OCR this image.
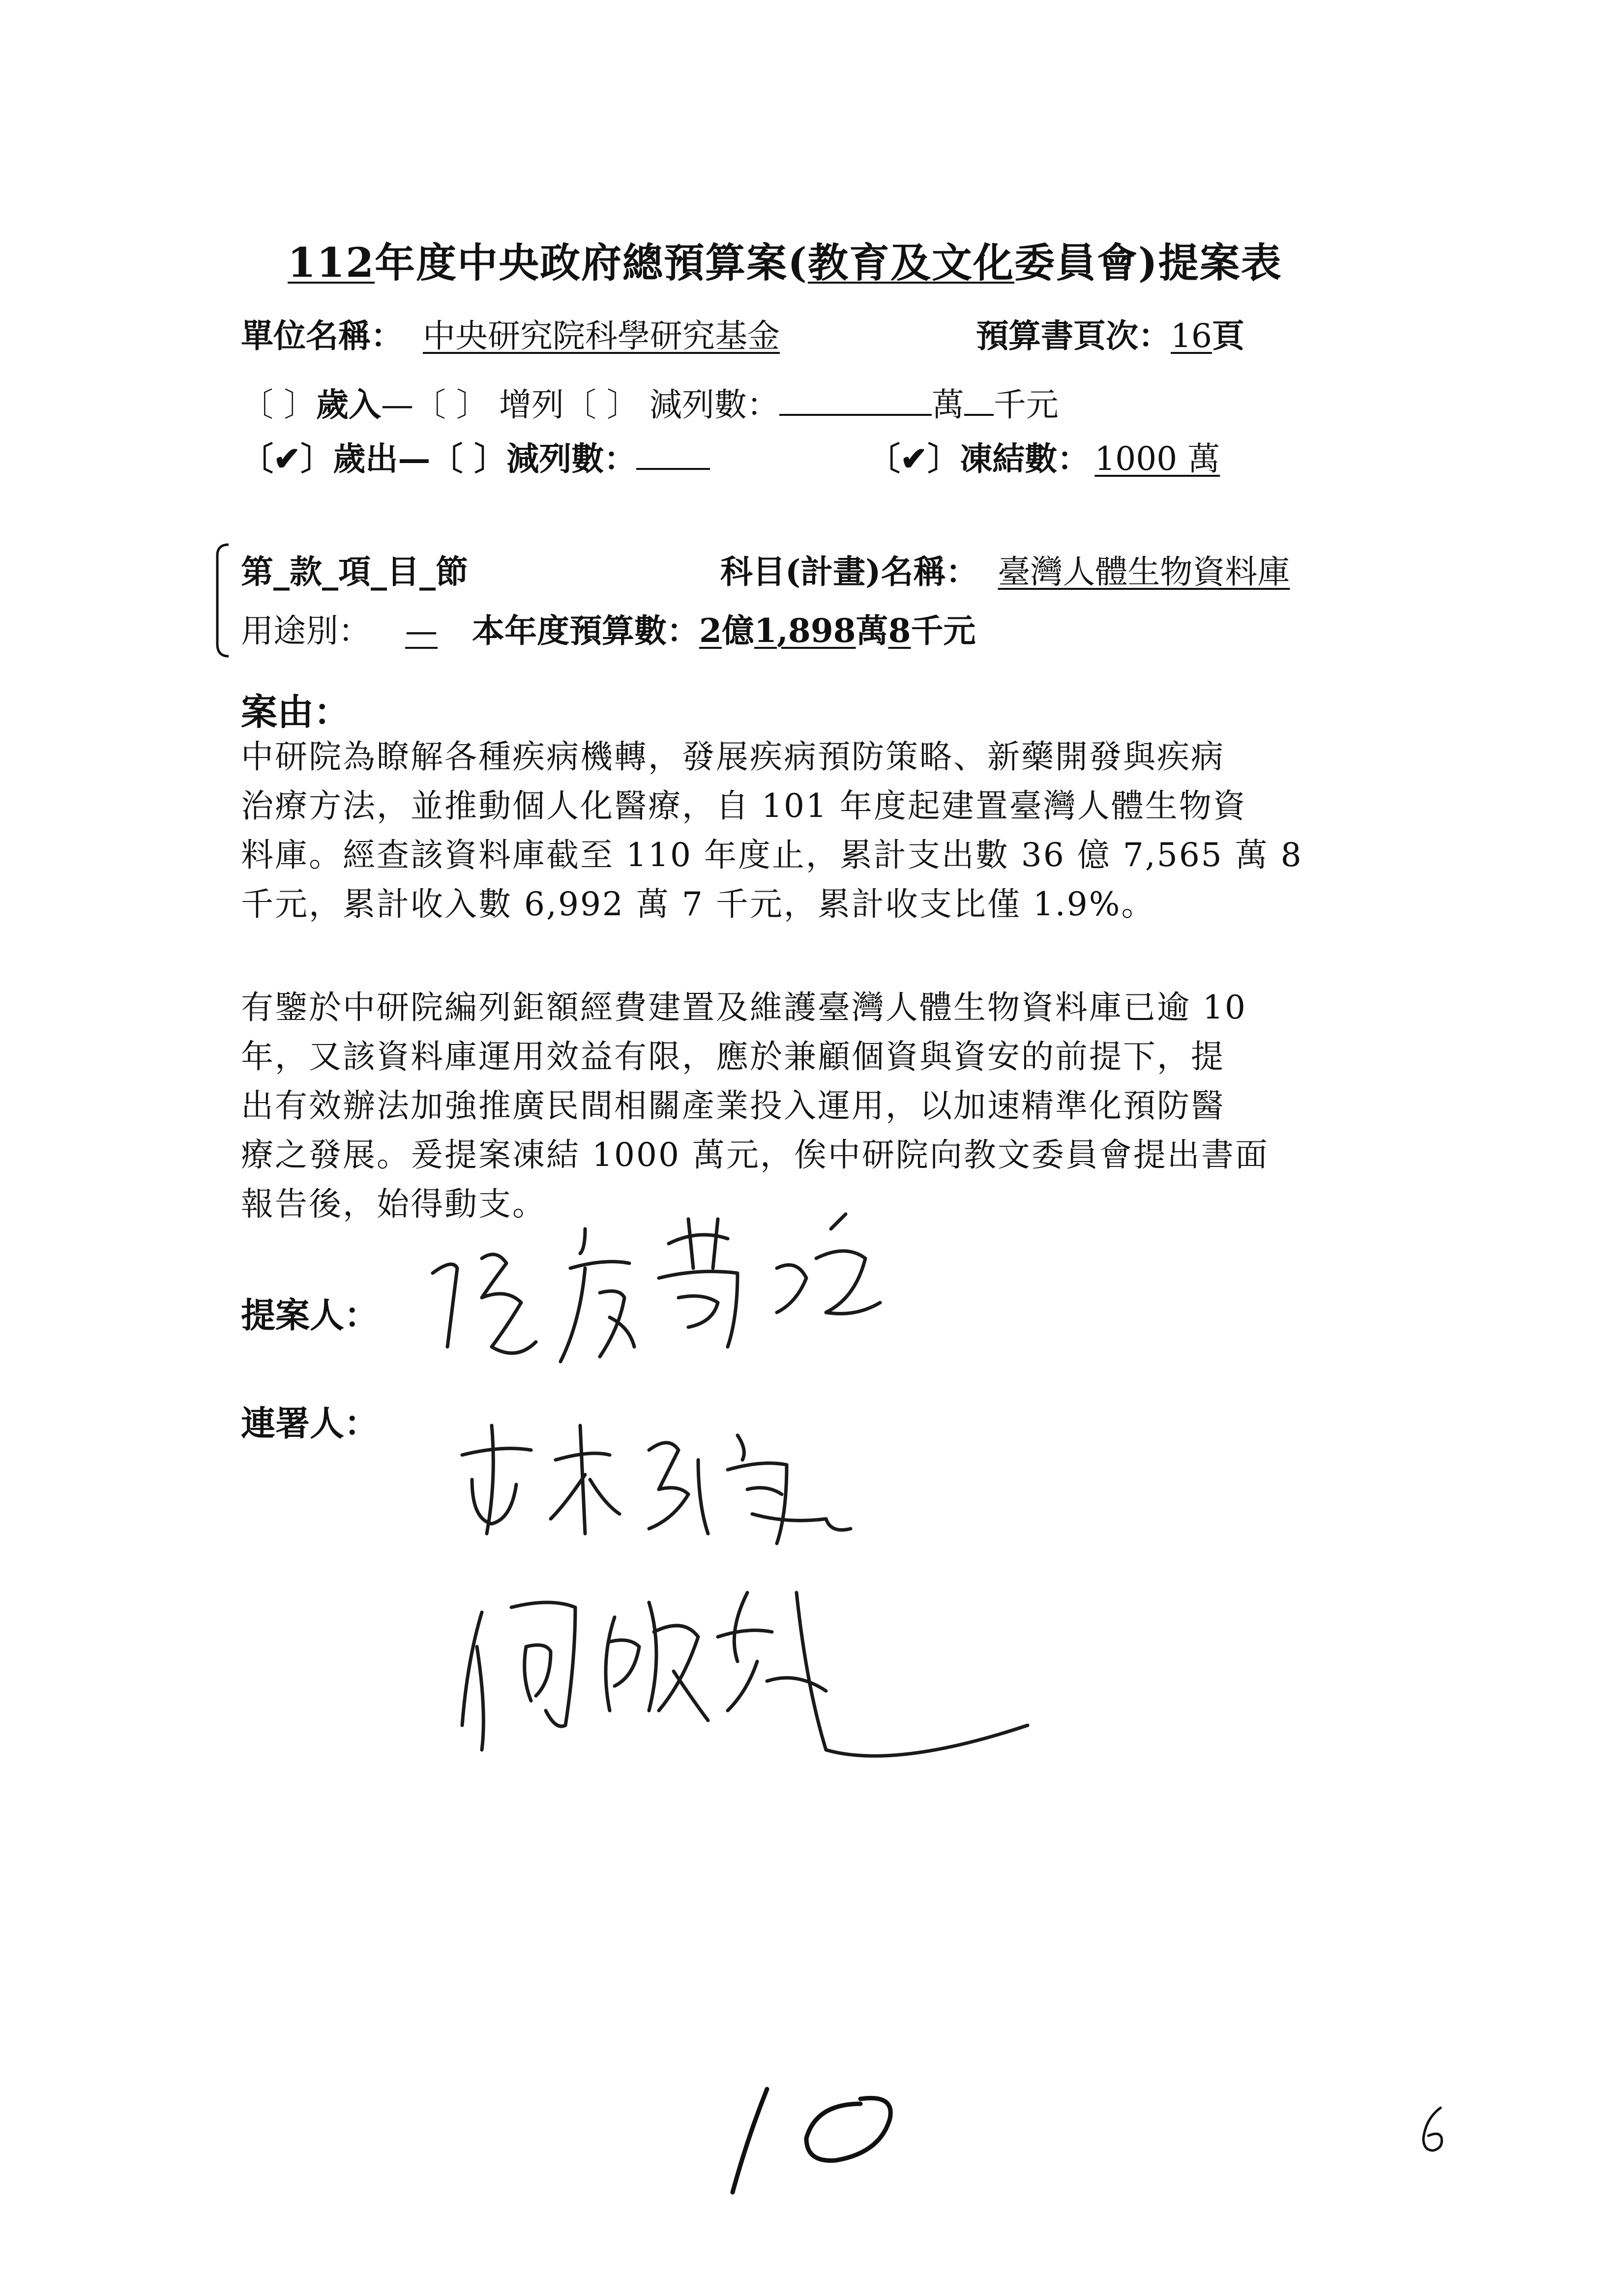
112年度中央政府總預算案(教育及文化委員會)提案表
單位名稱： 中央研究院科學研究基金	預算書頁次：16頁
〔 〕歲入—〔 〕 增列〔 〕 減列數：	萬 千元
〔✔〕歲出—〔 〕減列數：	〔✔〕凍結數： 1000 萬
第_款_項_目_節	科目(計畫)名稱： 臺灣人體生物資料庫
用途別： — 本年度預算數：2億1,898萬8千元
案由：
中研院為瞭解各種疾病機轉，發展疾病預防策略、新藥開發與疾病
治療方法，並推動個人化醫療，自 101 年度起建置臺灣人體生物資
料庫。經查該資料庫截至 110 年度止，累計支出數 36 億 7,565 萬 8
千元，累計收入數 6,992 萬 7 千元，累計收支比僅 1.9%。
有鑒於中研院編列鉅額經費建置及維護臺灣人體生物資料庫已逾 10
年，又該資料庫運用效益有限，應於兼顧個資與資安的前提下，提
出有效辦法加強推廣民間相關產業投入運用，以加速精準化預防醫
療之發展。爰提案凍結 1000 萬元，俟中研院向教文委員會提出書面
報告後，始得動支。
提案人：
連署人：
